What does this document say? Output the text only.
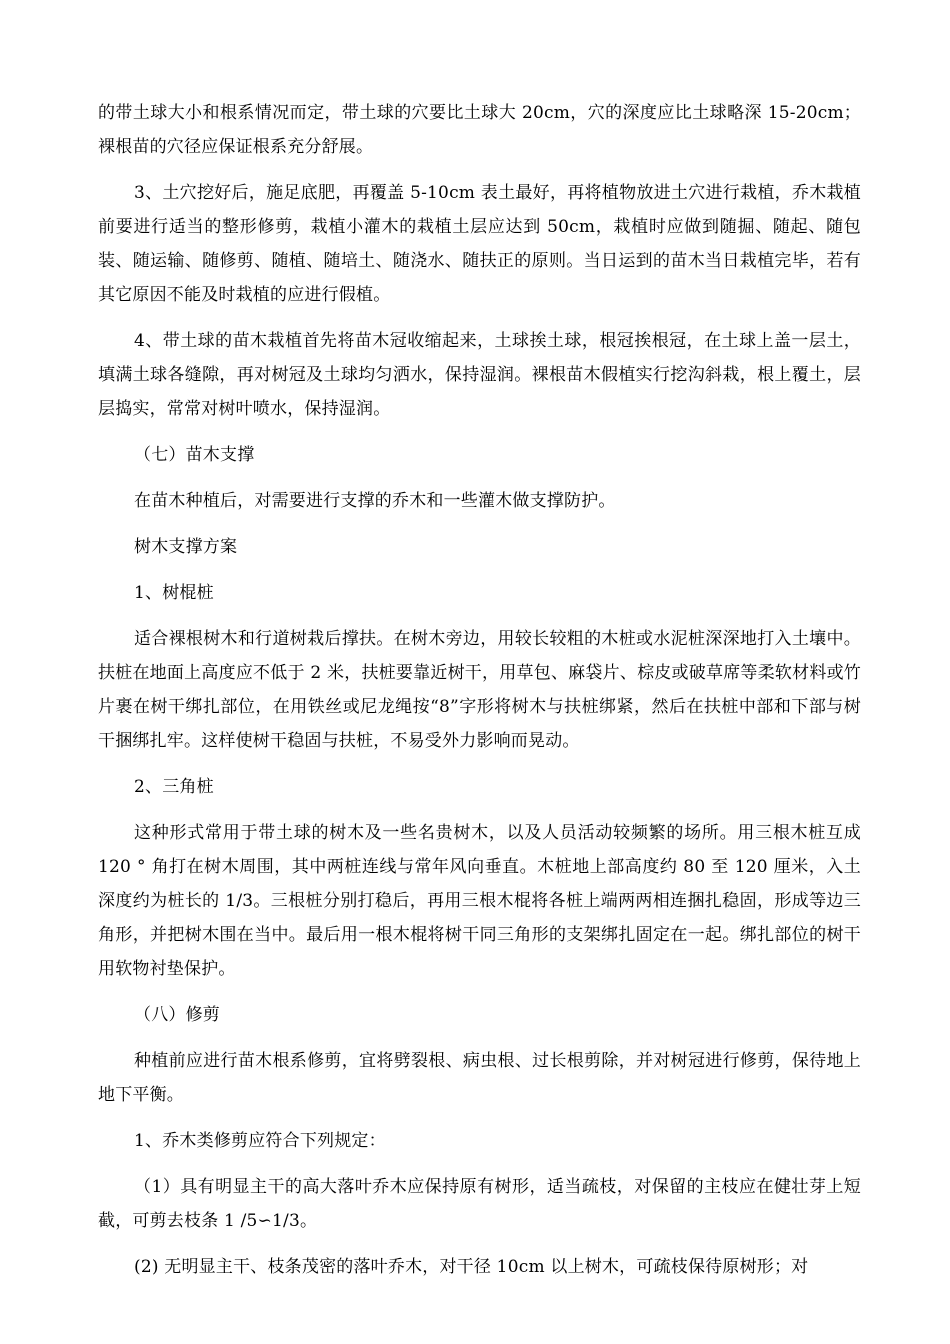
的带土球大小和根系情况而定，带土球的穴要比土球大 20cm，穴的深度应比土球略深 15-20cm；裸根苗的穴径应保证根系充分舒展。

3、土穴挖好后，施足底肥，再覆盖 5-10cm 表土最好，再将植物放进土穴进行栽植，乔木栽植前要进行适当的整形修剪，栽植小灌木的栽植土层应达到 50cm，栽植时应做到随掘、随起、随包装、随运输、随修剪、随植、随培土、随浇水、随扶正的原则。当日运到的苗木当日栽植完毕，若有其它原因不能及时栽植的应进行假植。

4、带土球的苗木栽植首先将苗木冠收缩起来，土球挨土球，根冠挨根冠，在土球上盖一层土，填满土球各缝隙，再对树冠及土球均匀洒水，保持湿润。裸根苗木假植实行挖沟斜栽，根上覆土，层层捣实，常常对树叶喷水，保持湿润。

（七）苗木支撑

在苗木种植后，对需要进行支撑的乔木和一些灌木做支撑防护。

树木支撑方案

1、树棍桩

适合裸根树木和行道树栽后撑扶。在树木旁边，用较长较粗的木桩或水泥桩深深地打入土壤中。扶桩在地面上高度应不低于 2 米，扶桩要靠近树干，用草包、麻袋片、棕皮或破草席等柔软材料或竹片裹在树干绑扎部位，在用铁丝或尼龙绳按“8”字形将树木与扶桩绑紧，然后在扶桩中部和下部与树干捆绑扎牢。这样使树干稳固与扶桩，不易受外力影响而晃动。

2、三角桩

这种形式常用于带土球的树木及一些名贵树木，以及人员活动较频繁的场所。用三根木桩互成 120 ° 角打在树木周围，其中两桩连线与常年风向垂直。木桩地上部高度约 80 至 120 厘米，入土深度约为桩长的 1/3。三根桩分别打稳后，再用三根木棍将各桩上端两两相连捆扎稳固，形成等边三角形，并把树木围在当中。最后用一根木棍将树干同三角形的支架绑扎固定在一起。绑扎部位的树干用软物衬垫保护。

（八）修剪

种植前应进行苗木根系修剪，宜将劈裂根、病虫根、过长根剪除，并对树冠进行修剪，保待地上地下平衡。

1、乔木类修剪应符合下列规定：

（1）具有明显主干的高大落叶乔木应保持原有树形，适当疏枝，对保留的主枝应在健壮芽上短截，可剪去枝条 1 /5∽1/3。

(2) 无明显主干、枝条茂密的落叶乔木，对干径 10cm 以上树木，可疏枝保待原树形；对
